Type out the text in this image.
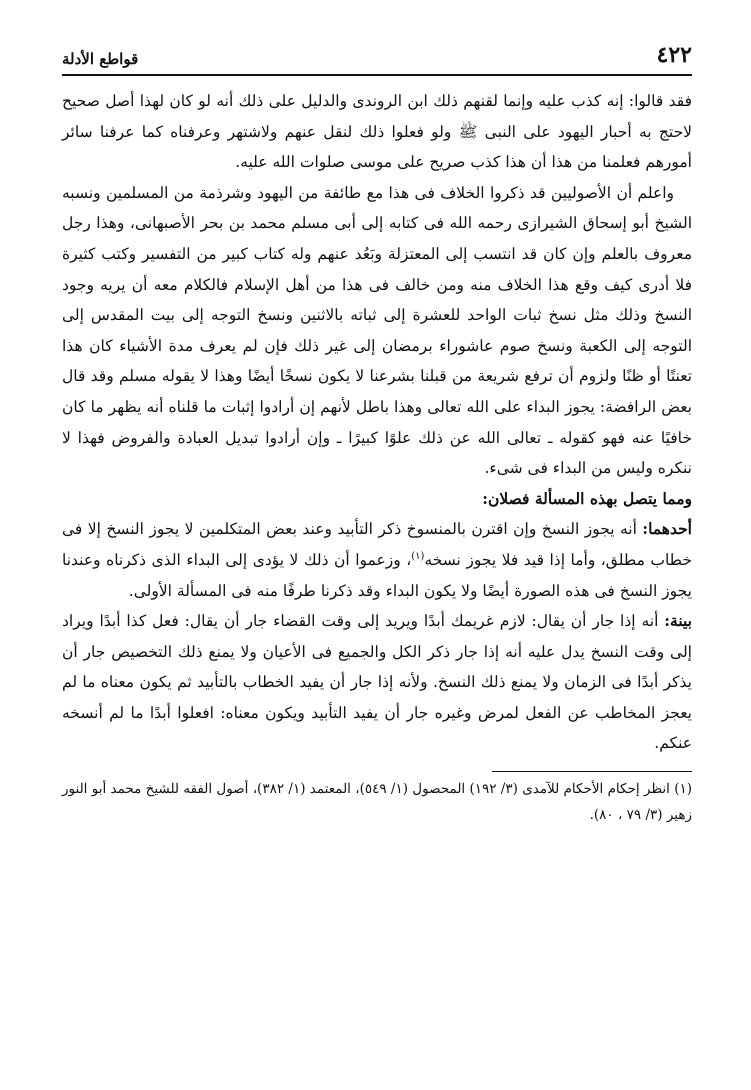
٤٢٢
قواطع الأدلة

فقد قالوا: إنه كذب عليه وإنما لقنهم ذلك ابن الروندى والدليل على ذلك أنه لو كان لهذا أصل صحيح لاحتج به أحبار اليهود على النبى ﷺ ولو فعلوا ذلك لنقل عنهم ولاشتهر وعرفناه كما عرفنا سائر أمورهم فعلمنا من هذا أن هذا كذب صريح على موسى صلوات الله عليه.

واعلم أن الأصوليين قد ذكروا الخلاف فى هذا مع طائفة من اليهود وشرذمة من المسلمين ونسبه الشيخ أبو إسحاق الشيرازى رحمه الله فى كتابه إلى أبى مسلم محمد بن بحر الأصبهانى، وهذا رجل معروف بالعلم وإن كان قد انتسب إلى المعتزلة وبَعُد عنهم وله كتاب كبير من التفسير وكتب كثيرة فلا أدرى كيف وقع هذا الخلاف منه ومن خالف فى هذا من أهل الإسلام فالكلام معه أن يريه وجود النسخ وذلك مثل نسخ ثبات الواحد للعشرة إلى ثباته بالاثنين ونسخ التوجه إلى بيت المقدس إلى التوجه إلى الكعبة ونسخ صوم عاشوراء برمضان إلى غير ذلك فإن لم يعرف مدة الأشياء كان هذا تعنتًا أو ظنًا ولزوم أن ترفع شريعة من قبلنا بشرعنا لا يكون نسخًا أيضًا وهذا لا يقوله مسلم وقد قال بعض الرافضة: يجوز البداء على الله تعالى وهذا باطل لأنهم إن أرادوا إثبات ما قلناه أنه يظهر ما كان خافيًا عنه فهو كقوله ـ تعالى الله عن ذلك علوًا كبيرًا ـ وإن أرادوا تبديل العبادة والفروض فهذا لا ننكره وليس من البداء فى شىء.

ومما يتصل بهذه المسألة فصلان:

أحدهما: أنه يجوز النسخ وإن اقترن بالمنسوخ ذكر التأبيد وعند بعض المتكلمين لا يجوز النسخ إلا فى خطاب مطلق، وأما إذا قيد فلا يجوز نسخه$^{(١)}$، وزعموا أن ذلك لا يؤدى إلى البداء الذى ذكرناه وعندنا يجوز النسخ فى هذه الصورة أيضًا ولا يكون البداء وقد ذكرنا طرفًا منه فى المسألة الأولى.

بينة: أنه إذا جار أن يقال: لازم غريمك أبدًا ويريد إلى وقت القضاء جار أن يقال: فعل كذا أبدًا ويراد إلى وقت النسخ يدل عليه أنه إذا جار ذكر الكل والجميع فى الأعيان ولا يمنع ذلك التخصيص جار أن يذكر أبدًا فى الزمان ولا يمنع ذلك النسخ. ولأنه إذا جار أن يفيد الخطاب بالتأبيد ثم يكون معناه ما لم يعجز المخاطب عن الفعل لمرض وغيره جار أن يفيد التأبيد ويكون معناه: افعلوا أبدًا ما لم أنسخه عنكم.

(١) انظر إحكام الأحكام للآمدى (٣/ ١٩٢) المحصول (١/ ٥٤٩)، المعتمد (١/ ٣٨٢)، أصول الفقه للشيخ محمد أبو النور زهير (٣/ ٧٩ ، ٨٠).
